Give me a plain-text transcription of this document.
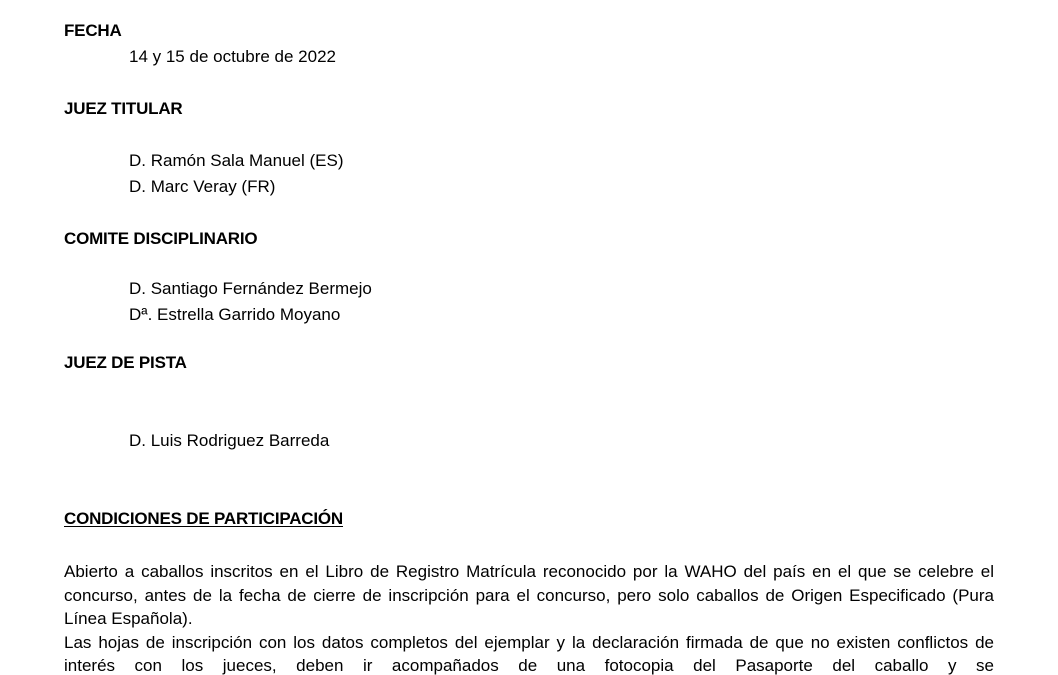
FECHA
14 y 15 de octubre de 2022
JUEZ TITULAR
D. Ramón Sala Manuel (ES)
D. Marc Veray (FR)
COMITE DISCIPLINARIO
D. Santiago Fernández Bermejo
Dª. Estrella Garrido Moyano
JUEZ DE PISTA
D. Luis Rodriguez Barreda
CONDICIONES DE PARTICIPACIÓN

Abierto a caballos inscritos en el Libro de Registro Matrícula reconocido por la WAHO del país en el que se celebre el concurso, antes de la fecha de cierre de inscripción para el concurso, pero solo caballos de Origen Especificado (Pura Línea Española).

Las hojas de inscripción con los datos completos del ejemplar y la declaración firmada de que no existen conflictos de interés con los jueces, deben ir acompañados de una fotocopia del Pasaporte del caballo y se
